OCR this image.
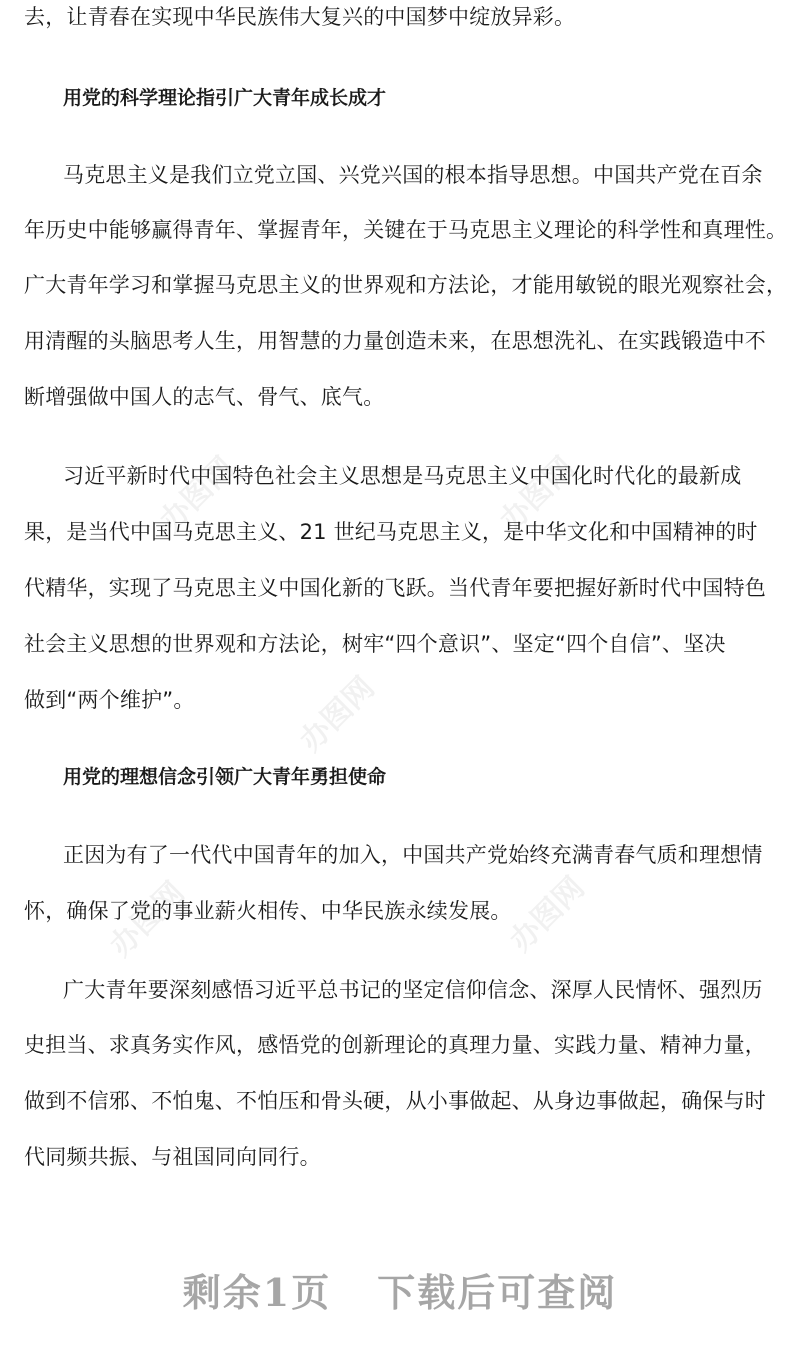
办图网	办图网
办图网
办图网	办图网
去，让青春在实现中华民族伟大复兴的中国梦中绽放异彩。
用党的科学理论指引广大青年成长成才
马克思主义是我们立党立国、兴党兴国的根本指导思想。中国共产党在百余
年历史中能够赢得青年、掌握青年，关键在于马克思主义理论的科学性和真理性。
广大青年学习和掌握马克思主义的世界观和方法论，才能用敏锐的眼光观察社会，
用清醒的头脑思考人生，用智慧的力量创造未来，在思想洗礼、在实践锻造中不
断增强做中国人的志气、骨气、底气。
习近平新时代中国特色社会主义思想是马克思主义中国化时代化的最新成
果，是当代中国马克思主义、21 世纪马克思主义，是中华文化和中国精神的时
代精华，实现了马克思主义中国化新的飞跃。当代青年要把握好新时代中国特色
社会主义思想的世界观和方法论，树牢“四个意识”、坚定“四个自信”、坚决
做到“两个维护”。
用党的理想信念引领广大青年勇担使命
正因为有了一代代中国青年的加入，中国共产党始终充满青春气质和理想情
怀，确保了党的事业薪火相传、中华民族永续发展。
广大青年要深刻感悟习近平总书记的坚定信仰信念、深厚人民情怀、强烈历
史担当、求真务实作风，感悟党的创新理论的真理力量、实践力量、精神力量，
做到不信邪、不怕鬼、不怕压和骨头硬，从小事做起、从身边事做起，确保与时
代同频共振、与祖国同向同行。
剩余1页 下载后可查阅
